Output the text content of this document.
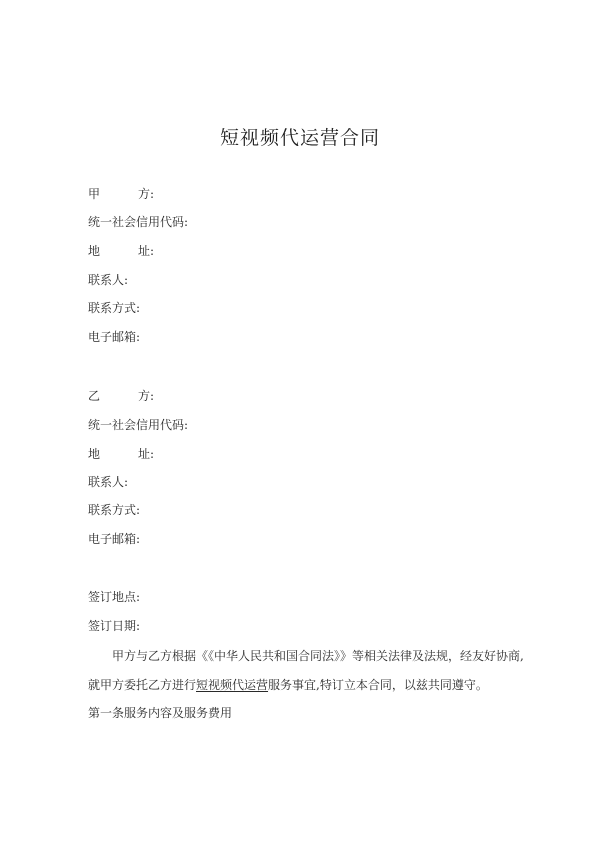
短视频代运营合同
甲	方:
统一社会信用代码:
地	址:
联系人:
联系方式:
电子邮箱:
乙	方:
统一社会信用代码:
地	址:
联系人:
联系方式:
电子邮箱:
签订地点:
签订日期:
甲方与乙方根据《《中华人民共和国合同法》》等相关法律及法规，经友好协商,
就甲方委托乙方进行短视频代运营服务事宜,特订立本合同，以兹共同遵守。
第一条服务内容及服务费用
